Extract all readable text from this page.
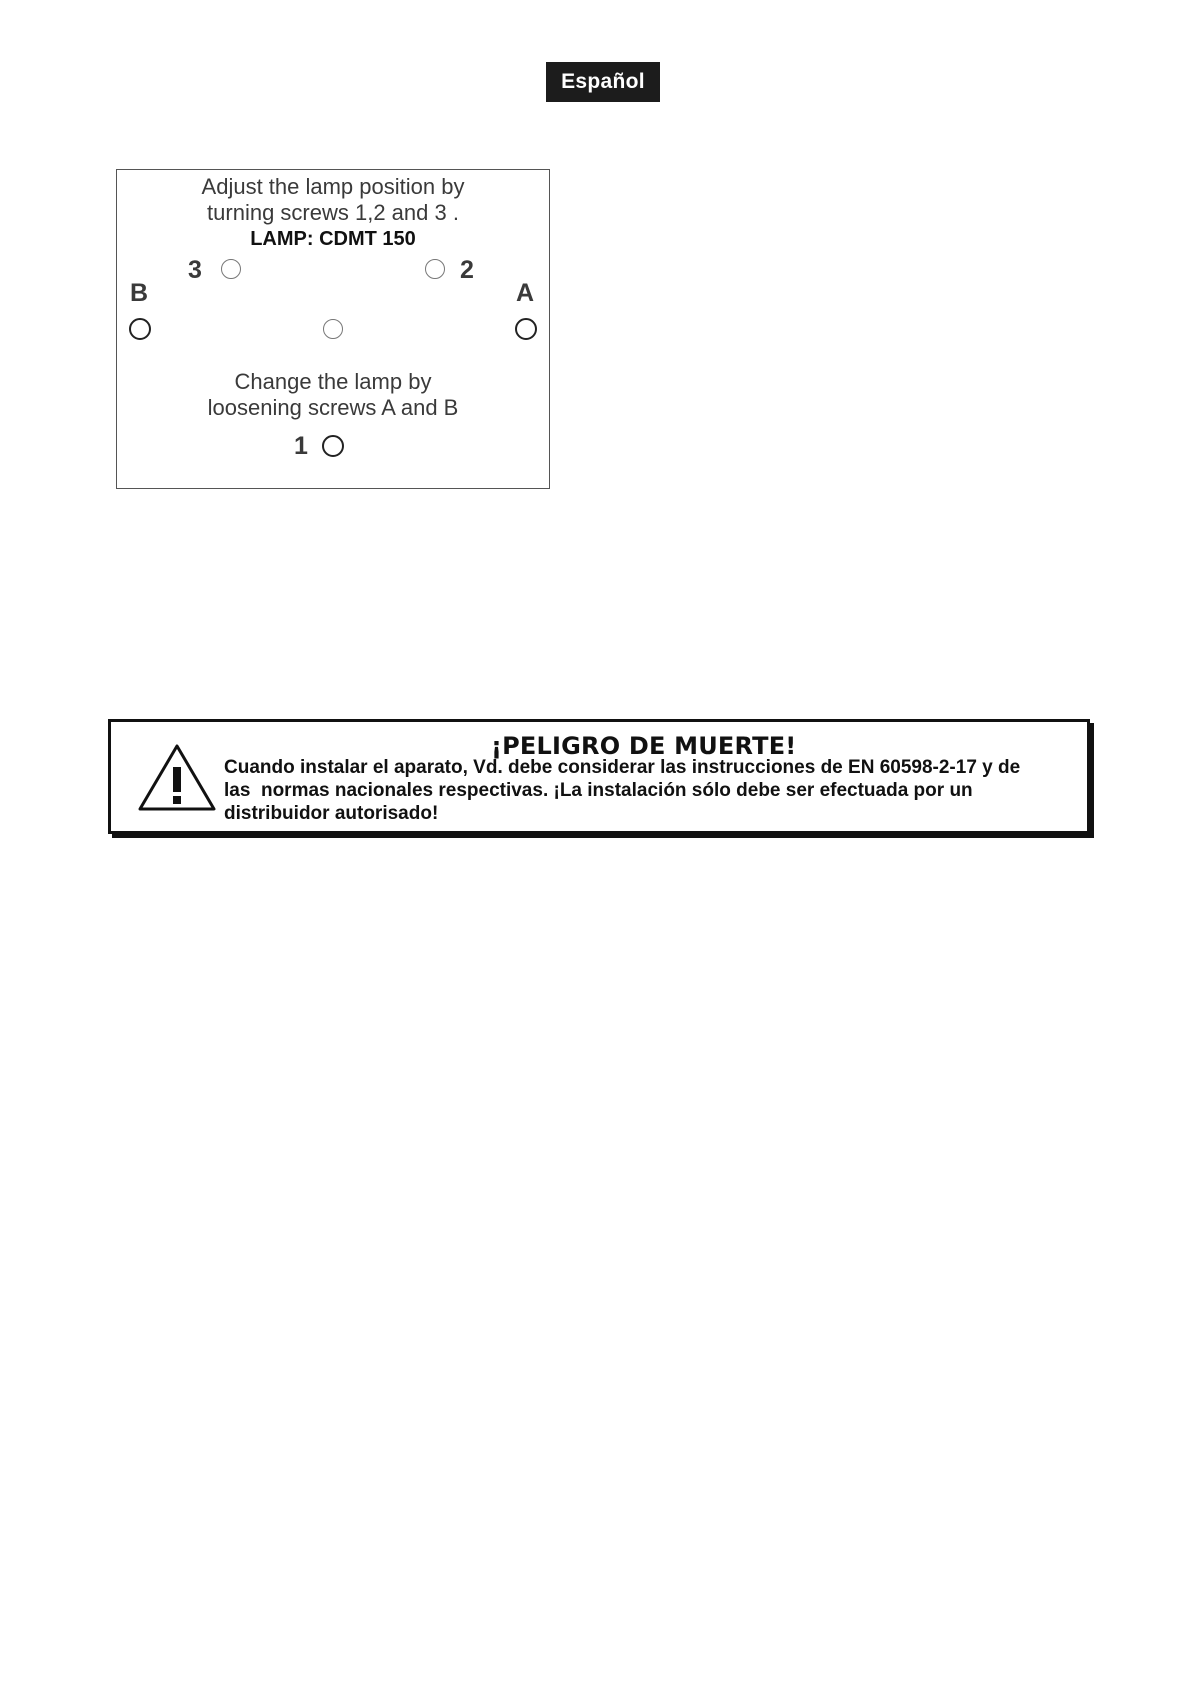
Español
Adjust the lamp position by
turning screws 1,2 and 3 .
LAMP: CDMT 150
3	2
B	A
Change the lamp by
loosening screws A and B
1
¡PELIGRO DE MUERTE!
Cuando instalar el aparato, Vd. debe considerar las instrucciones de EN 60598-2-17 y de
las  normas nacionales respectivas. ¡La instalación sólo debe ser efectuada por un
distribuidor autorisado!
